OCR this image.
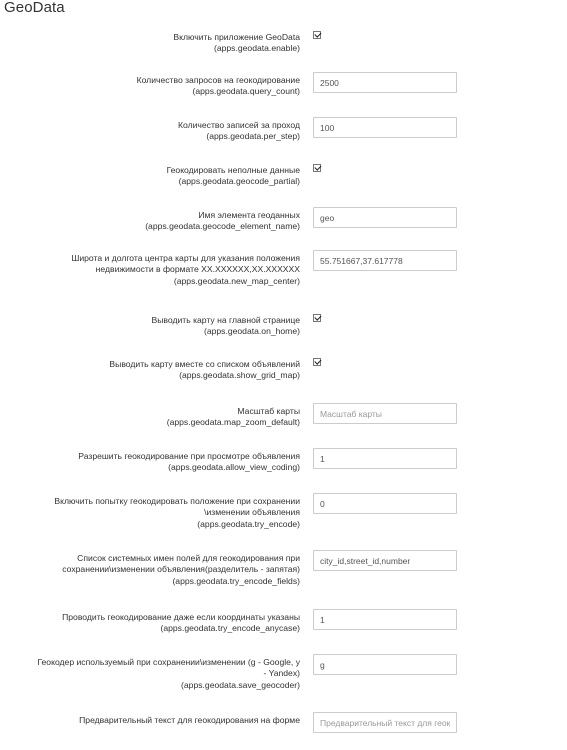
GeoData
Включить приложение GeoData
(apps.geodata.enable)
Количество запросов на геокодирование
(apps.geodata.query_count)
2500
Количество записей за проход
(apps.geodata.per_step)
100
Геокодировать неполные данные
(apps.geodata.geocode_partial)
Имя элемента геоданных
(apps.geodata.geocode_element_name)
geo
Широта и долгота центра карты для указания положения
недвижимости в формате XX.XXXXXX,XX.XXXXXX
(apps.geodata.new_map_center)
55.751667,37.617778
Выводить карту на главной странице
(apps.geodata.on_home)
Выводить карту вместе со списком объявлений
(apps.geodata.show_grid_map)
Масштаб карты
(apps.geodata.map_zoom_default)
Масштаб карты
Разрешить геокодирование при просмотре объявления
(apps.geodata.allow_view_coding)
1
Включить попытку геокодировать положение при сохранении
\изменении объявления
(apps.geodata.try_encode)
0
Список системных имен полей для геокодирования при
сохранении\изменении объявления(разделитель - запятая)
(apps.geodata.try_encode_fields)
city_id,street_id,number
Проводить геокодирование даже если координаты указаны
(apps.geodata.try_encode_anycase)
1
Геокодер используемый при сохранении\изменении (g - Google, y
- Yandex)
(apps.geodata.save_geocoder)
g
Предварительный текст для геокодирования на форме
Предварительный текст для геокодирования
